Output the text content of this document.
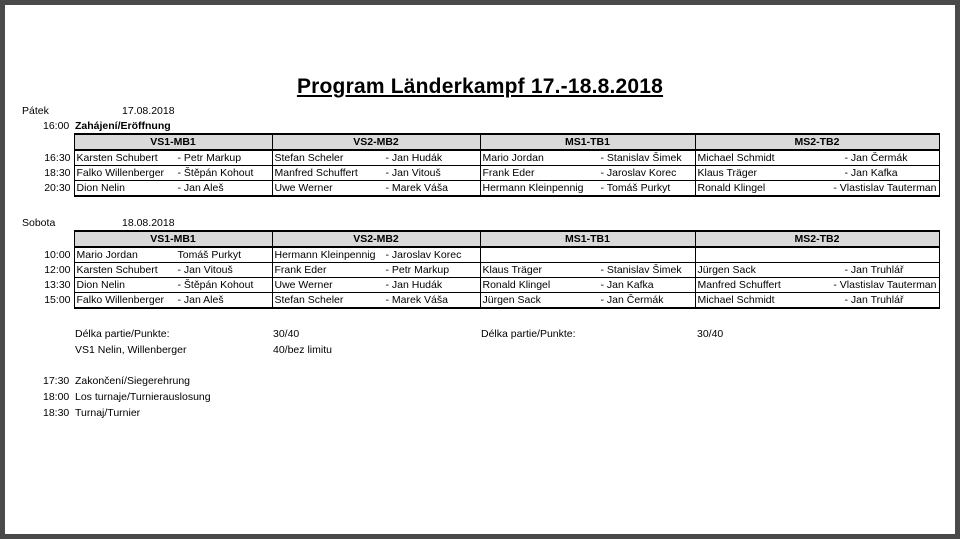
Program Länderkampf 17.-18.8.2018
Pátek	17.08.2018
16:00 Zahájení/Eröffnung
	VS1-MB1	VS2-MB2	MS1-TB1	MS2-TB2
16:30	Karsten Schubert - Petr Markup	Stefan Scheler - Jan Hudák	Mario Jordan - Stanislav Šimek	Michael Schmidt - Jan Čermák

18:30	Falko Willenberger - Štěpán Kohout	Manfred Schuffert - Jan Vitouš	Frank Eder - Jaroslav Korec	Klaus Träger - Jan Kafka

20:30	Dion Nelin - Jan Aleš	Uwe Werner - Marek Váša	Hermann Kleinpennig - Tomáš Purkyt	Ronald Klingel - Vlastislav Tauterman
Sobota	18.08.2018
	VS1-MB1	VS2-MB2	MS1-TB1	MS2-TB2
10:00	Mario Jordan Tomáš Purkyt	Hermann Kleinpennig - Jaroslav Korec		

12:00	Karsten Schubert - Jan Vitouš	Frank Eder - Petr Markup	Klaus Träger - Stanislav Šimek	Jürgen Sack - Jan Truhlář

13:30	Dion Nelin - Štěpán Kohout	Uwe Werner - Jan Hudák	Ronald Klingel - Jan Kafka	Manfred Schuffert - Vlastislav Tauterman

15:00	Falko Willenberger - Jan Aleš	Stefan Scheler - Marek Váša	Jürgen Sack - Jan Čermák	Michael Schmidt - Jan Truhlář
Délka partie/Punkte:	30/40	Délka partie/Punkte:	30/40
VS1 Nelin, Willenberger	40/bez limitu
17:30 Zakončení/Siegerehrung
18:00 Los turnaje/Turnierauslosung
18:30 Turnaj/Turnier
